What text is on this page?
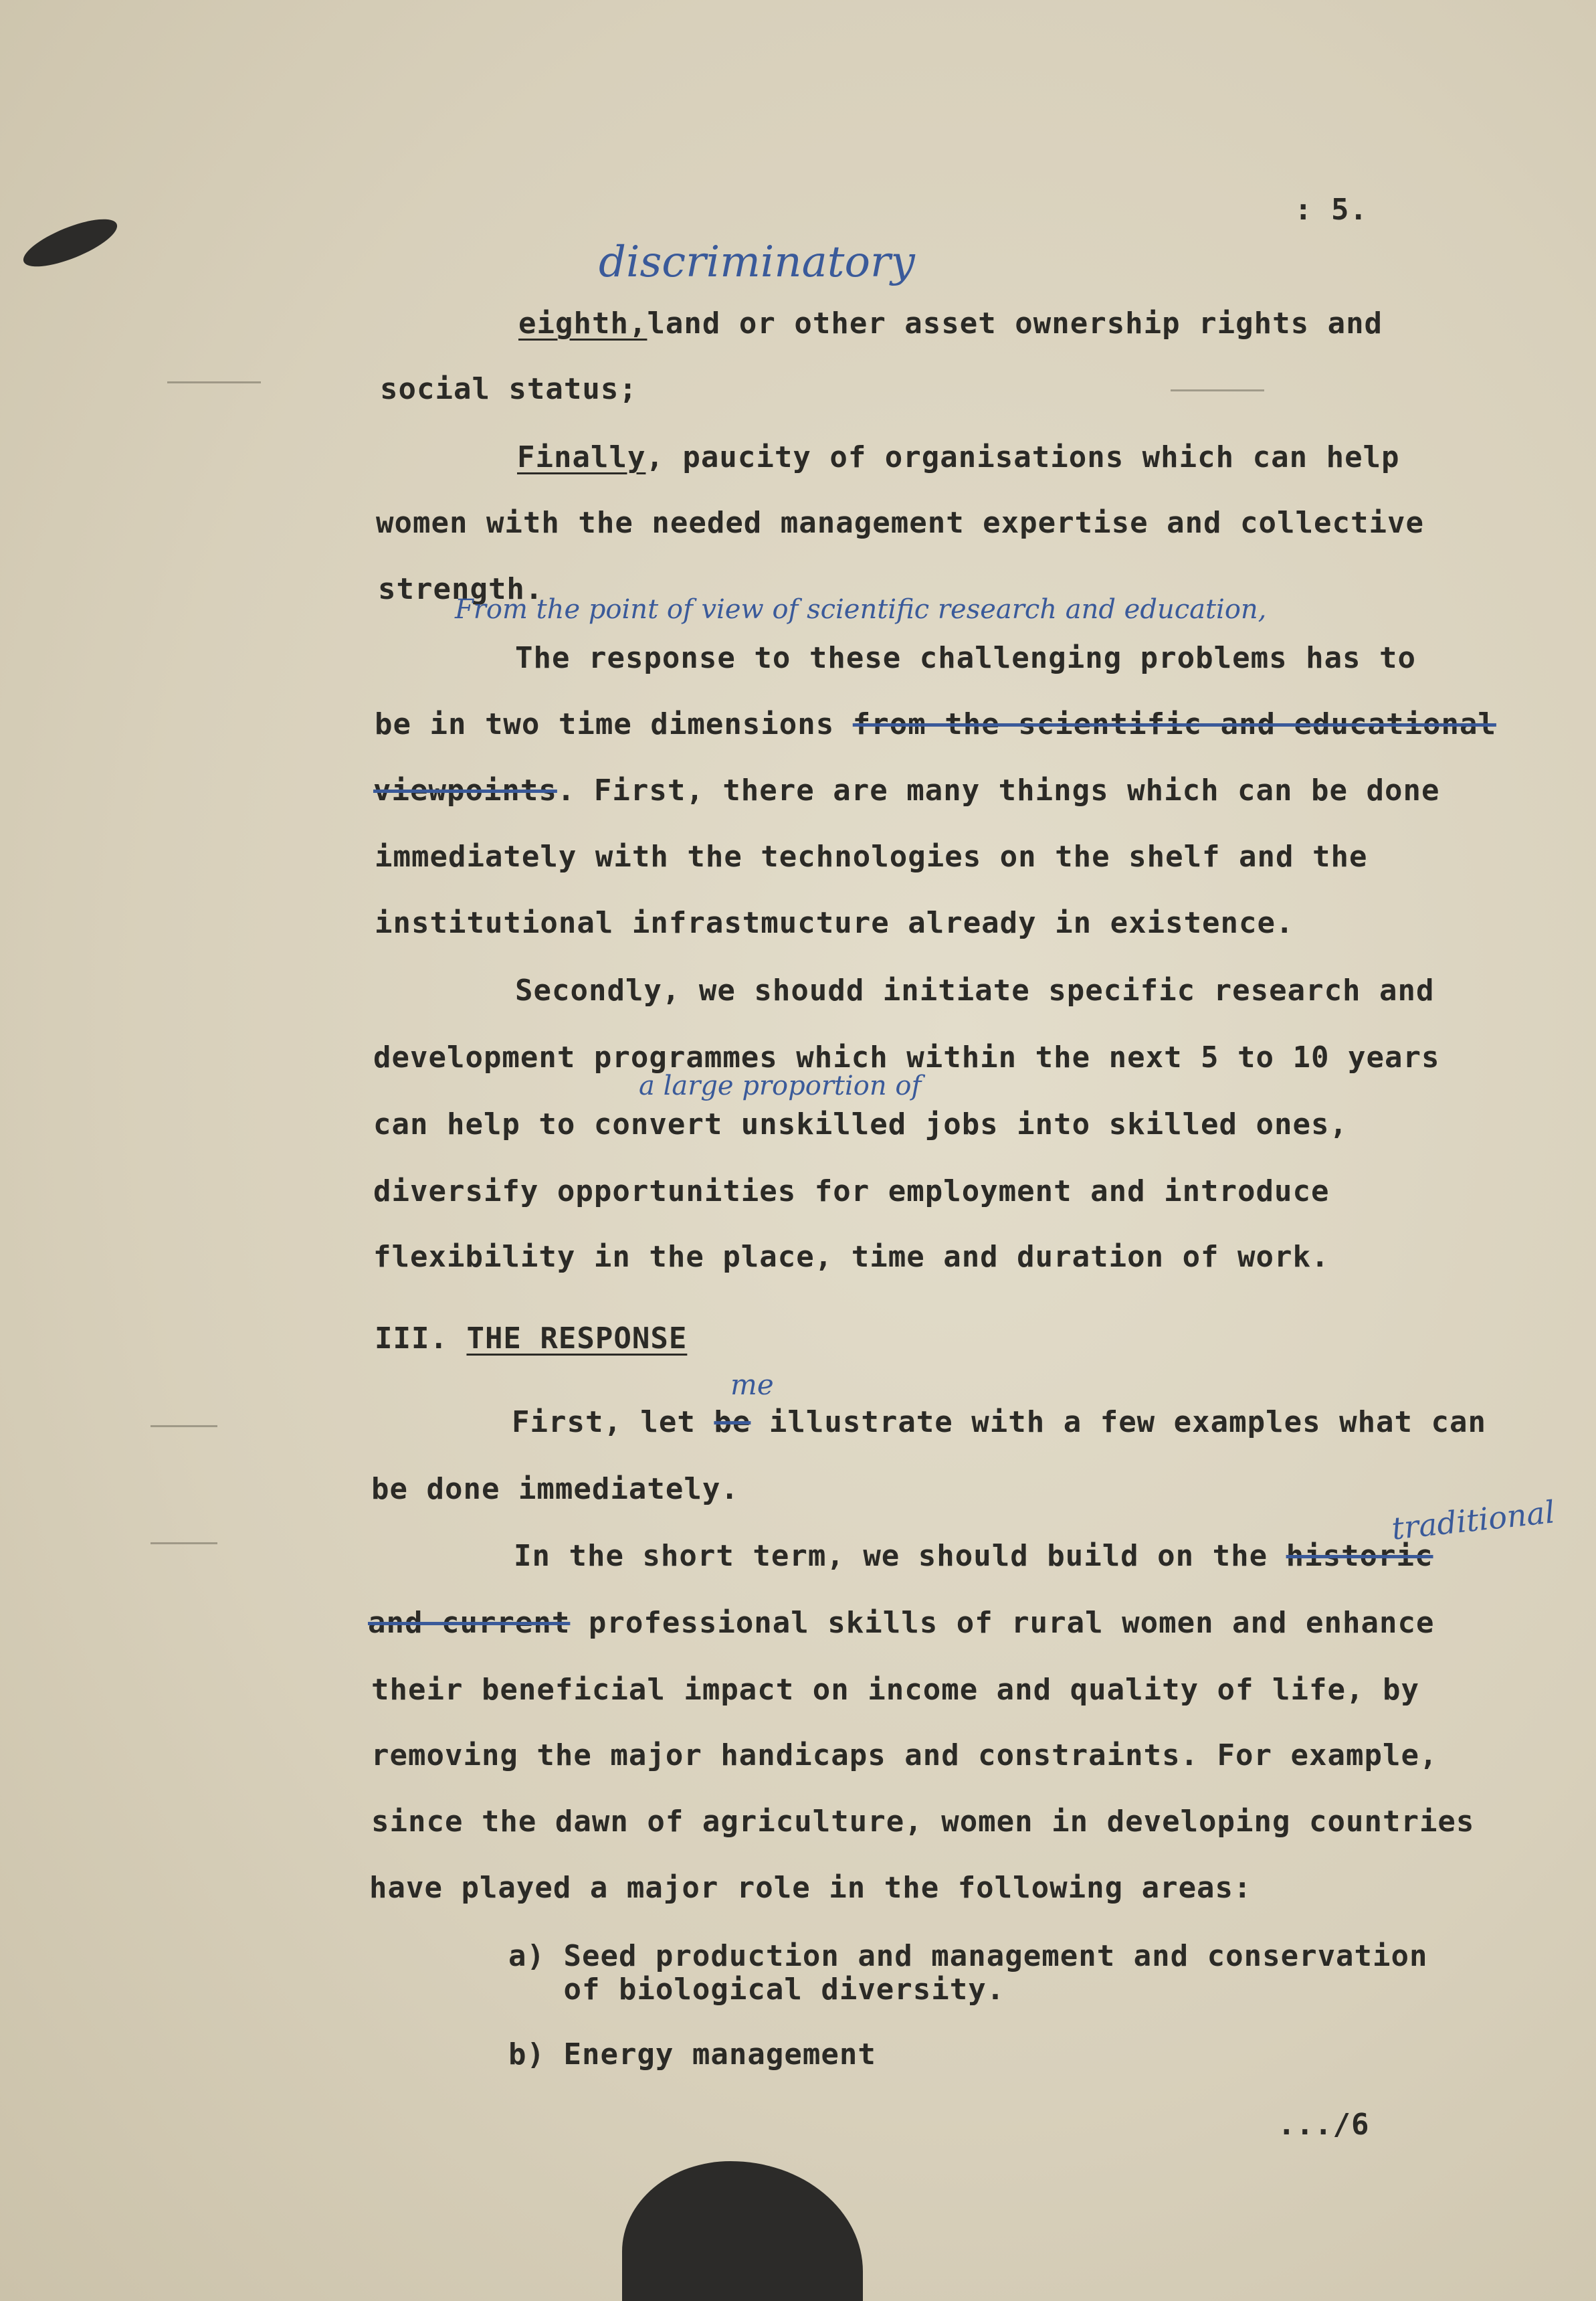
: 5.
discriminatory
eighth,land or other asset ownership rights and
social status;
Finally, paucity of organisations which can help
women with the needed management expertise and collective
strength.
From the point of view of scientific research and education,
The response to these challenging problems has to
be in two time dimensions from the scientific and educational
viewpoints. First, there are many things which can be done
immediately with the technologies on the shelf and the
institutional infrastmucture already in existence.
Secondly, we shoudd initiate specific research and
development programmes which within the next 5 to 10 years
a large proportion of
can help to convert unskilled jobs into skilled ones,
diversify opportunities for employment and introduce
flexibility in the place, time and duration of work.
III. THE RESPONSE
me
First, let be illustrate with a few examples what can
be done immediately.
traditional
In the short term, we should build on the historic
and current professional skills of rural women and enhance
their beneficial impact on income and quality of life, by
removing the major handicaps and constraints. For example,
since the dawn of agriculture, women in developing countries
have played a major role in the following areas:
a) Seed production and management and conservation
of biological diversity.
b) Energy management
.../6
